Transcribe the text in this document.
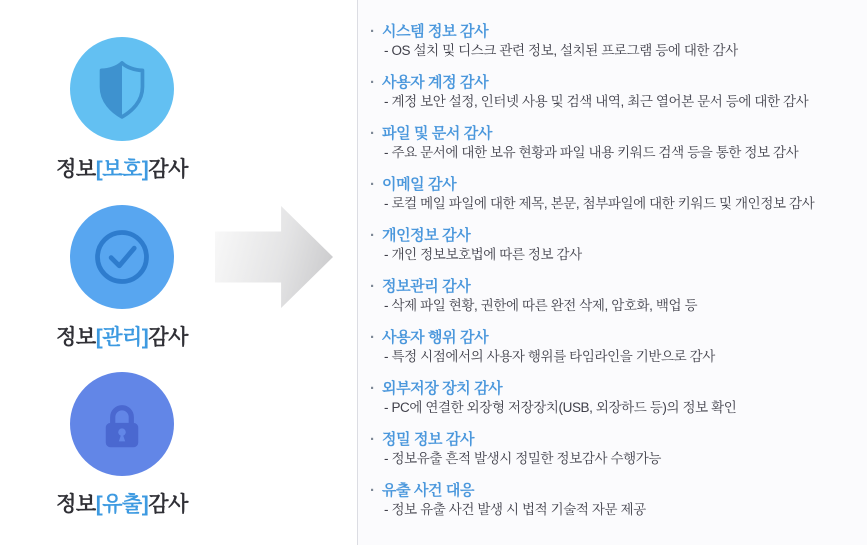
정보[보호]감사
정보[관리]감사
정보[유출]감사
· 시스템 정보 감사
- OS 설치 및 디스크 관련 정보, 설치된 프로그램 등에 대한 감사
· 사용자 계정 감사
- 계정 보안 설정, 인터넷 사용 및 검색 내역, 최근 열어본 문서 등에 대한 감사
· 파일 및 문서 감사
- 주요 문서에 대한 보유 현황과 파일 내용 키워드 검색 등을 통한 정보 감사
· 이메일 감사
- 로컬 메일 파일에 대한 제목, 본문, 첨부파일에 대한 키워드 및 개인정보 감사
· 개인정보 감사
- 개인 정보보호법에 따른 정보 감사
· 정보관리 감사
- 삭제 파일 현황, 권한에 따른 완전 삭제, 암호화, 백업 등
· 사용자 행위 감사
- 특정 시점에서의 사용자 행위를 타임라인을 기반으로 감사
· 외부저장 장치 감사
- PC에 연결한 외장형 저장장치(USB, 외장하드 등)의 정보 확인
· 정밀 정보 감사
- 정보유출 흔적 발생시 정밀한 정보감사 수행가능
· 유출 사건 대응
- 정보 유출 사건 발생 시 법적 기술적 자문 제공
